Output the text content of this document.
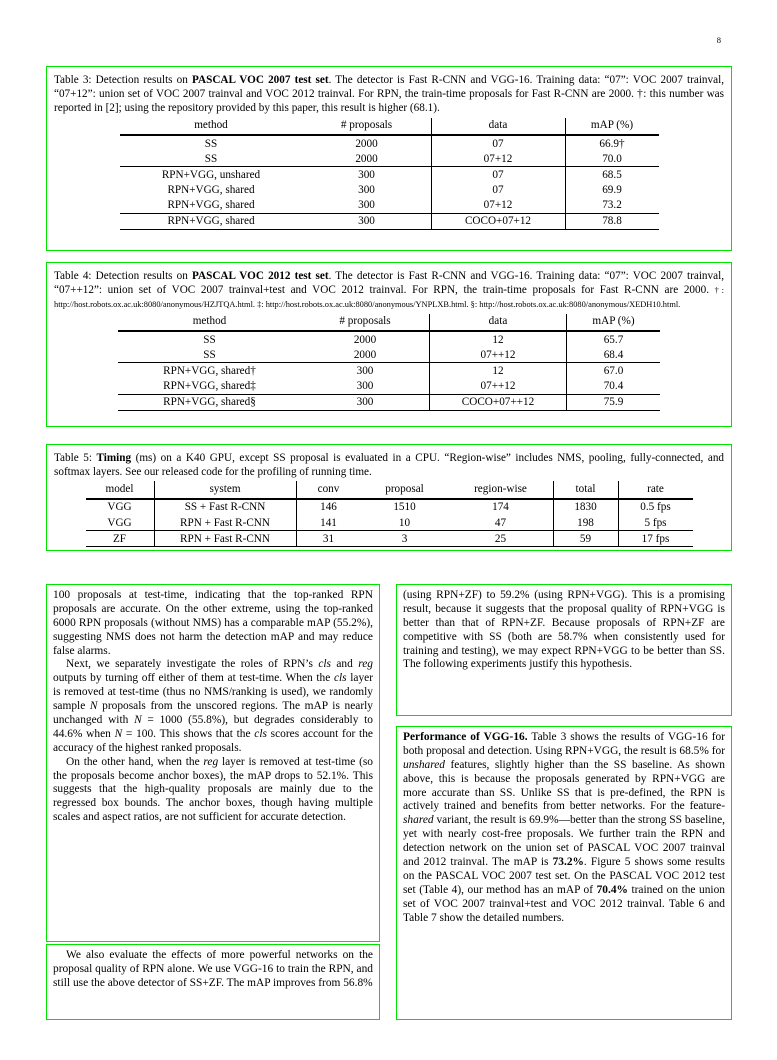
8

Table 3: Detection results on PASCAL VOC 2007 test set. The detector is Fast R-CNN and VGG-16. Training data: “07”: VOC 2007 trainval, “07+12”: union set of VOC 2007 trainval and VOC 2012 trainval. For RPN, the train-time proposals for Fast R-CNN are 2000. †: this number was reported in [2]; using the repository provided by this paper, this result is higher (68.1).

method	# proposals	data	mAP (%)
SS	2000	07	66.9†
SS	2000	07+12	70.0
RPN+VGG, unshared	300	07	68.5
RPN+VGG, shared	300	07	69.9
RPN+VGG, shared	300	07+12	73.2
RPN+VGG, shared	300	COCO+07+12	78.8

Table 4: Detection results on PASCAL VOC 2012 test set. The detector is Fast R-CNN and VGG-16. Training data: “07”: VOC 2007 trainval, “07++12”: union set of VOC 2007 trainval+test and VOC 2012 trainval. For RPN, the train-time proposals for Fast R-CNN are 2000. †: http://host.robots.ox.ac.uk:8080/anonymous/HZJTQA.html. ‡: http://host.robots.ox.ac.uk:8080/anonymous/YNPLXB.html. §: http://host.robots.ox.ac.uk:8080/anonymous/XEDH10.html.

method	# proposals	data	mAP (%)
SS	2000	12	65.7
SS	2000	07++12	68.4
RPN+VGG, shared†	300	12	67.0
RPN+VGG, shared‡	300	07++12	70.4
RPN+VGG, shared§	300	COCO+07++12	75.9

Table 5: Timing (ms) on a K40 GPU, except SS proposal is evaluated in a CPU. “Region-wise” includes NMS, pooling, fully-connected, and softmax layers. See our released code for the profiling of running time.

model	system	conv	proposal	region-wise	total	rate
VGG	SS + Fast R-CNN	146	1510	174	1830	0.5 fps
VGG	RPN + Fast R-CNN	141	10	47	198	5 fps
ZF	RPN + Fast R-CNN	31	3	25	59	17 fps

100 proposals at test-time, indicating that the top-ranked RPN proposals are accurate. On the other extreme, using the top-ranked 6000 RPN proposals (without NMS) has a comparable mAP (55.2%), suggesting NMS does not harm the detection mAP and may reduce false alarms.

Next, we separately investigate the roles of RPN’s cls and reg outputs by turning off either of them at test-time. When the cls layer is removed at test-time (thus no NMS/ranking is used), we randomly sample N proposals from the unscored regions. The mAP is nearly unchanged with N = 1000 (55.8%), but degrades considerably to 44.6% when N = 100. This shows that the cls scores account for the accuracy of the highest ranked proposals.

On the other hand, when the reg layer is removed at test-time (so the proposals become anchor boxes), the mAP drops to 52.1%. This suggests that the high-quality proposals are mainly due to the regressed box bounds. The anchor boxes, though having multiple scales and aspect ratios, are not sufficient for accurate detection.

We also evaluate the effects of more powerful networks on the proposal quality of RPN alone. We use VGG-16 to train the RPN, and still use the above detector of SS+ZF. The mAP improves from 56.8%

(using RPN+ZF) to 59.2% (using RPN+VGG). This is a promising result, because it suggests that the proposal quality of RPN+VGG is better than that of RPN+ZF. Because proposals of RPN+ZF are competitive with SS (both are 58.7% when consistently used for training and testing), we may expect RPN+VGG to be better than SS. The following experiments justify this hypothesis.

Performance of VGG-16. Table 3 shows the results of VGG-16 for both proposal and detection. Using RPN+VGG, the result is 68.5% for unshared features, slightly higher than the SS baseline. As shown above, this is because the proposals generated by RPN+VGG are more accurate than SS. Unlike SS that is pre-defined, the RPN is actively trained and benefits from better networks. For the feature-shared variant, the result is 69.9%—better than the strong SS baseline, yet with nearly cost-free proposals. We further train the RPN and detection network on the union set of PASCAL VOC 2007 trainval and 2012 trainval. The mAP is 73.2%. Figure 5 shows some results on the PASCAL VOC 2007 test set. On the PASCAL VOC 2012 test set (Table 4), our method has an mAP of 70.4% trained on the union set of VOC 2007 trainval+test and VOC 2012 trainval. Table 6 and Table 7 show the detailed numbers.
